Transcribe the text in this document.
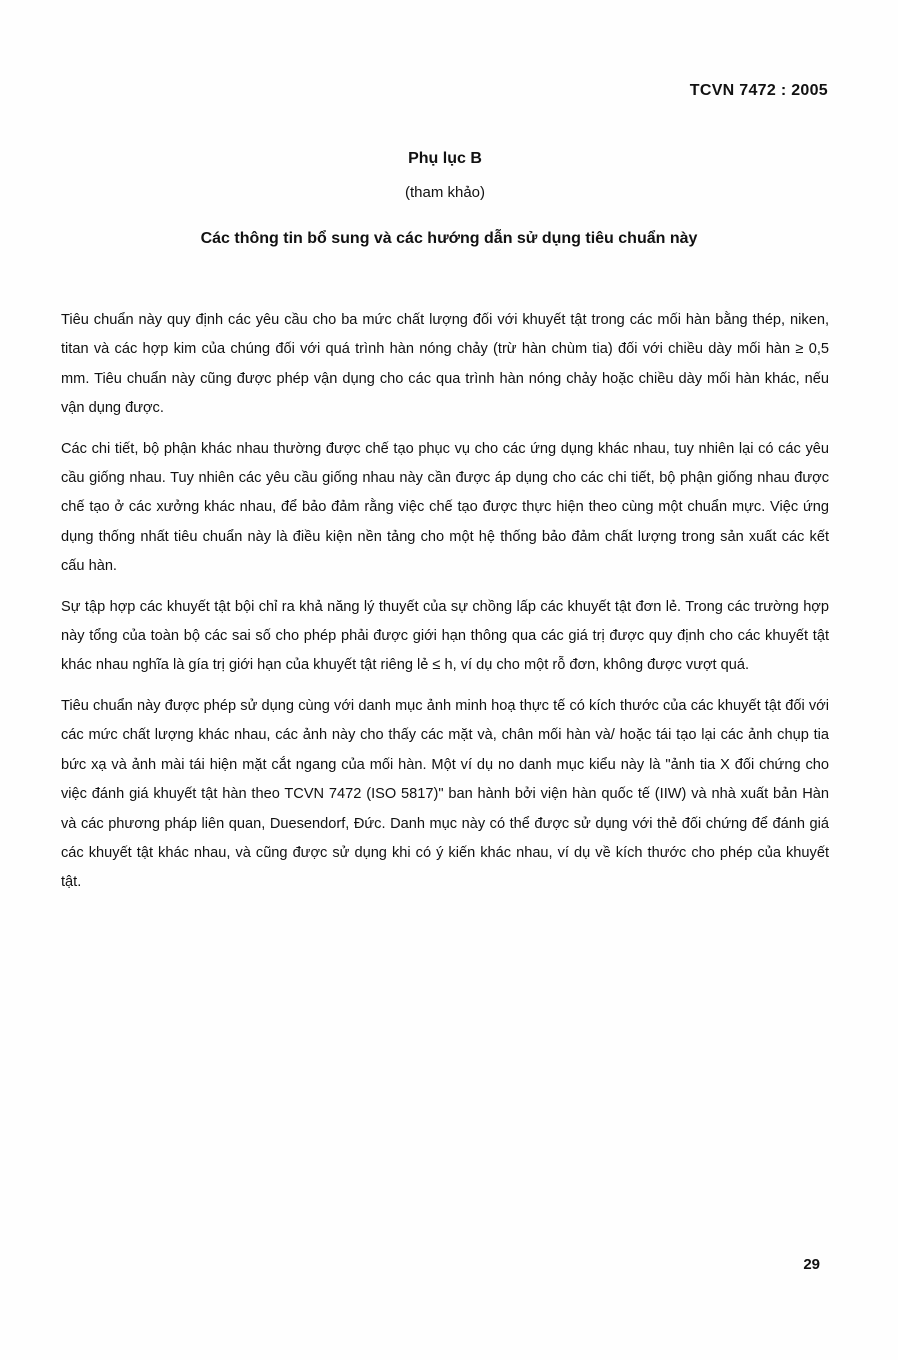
TCVN 7472 : 2005
Phụ lục B
(tham khảo)
Các thông tin bổ sung và các hướng dẫn sử dụng tiêu chuẩn này

Tiêu chuẩn này quy định các yêu cầu cho ba mức chất lượng đối với khuyết tật trong các mối hàn bằng thép, niken, titan và các hợp kim của chúng đối với quá trình hàn nóng chảy (trừ hàn chùm tia) đối với chiều dày mối hàn ≥ 0,5 mm. Tiêu chuẩn này cũng được phép vận dụng cho các qua trình hàn nóng chảy hoặc chiều dày mối hàn khác, nếu vận dụng được.

Các chi tiết, bộ phận khác nhau thường được chế tạo phục vụ cho các ứng dụng khác nhau, tuy nhiên lại có các yêu cầu giống nhau. Tuy nhiên các yêu cầu giống nhau này cần được áp dụng cho các chi tiết, bộ phận giống nhau được chế tạo ở các xưởng khác nhau, để bảo đảm rằng việc chế tạo được thực hiện theo cùng một chuẩn mực. Việc ứng dụng thống nhất tiêu chuẩn này là điều kiện nền tảng cho một hệ thống bảo đảm chất lượng trong sản xuất các kết cấu hàn.

Sự tập hợp các khuyết tật bội chỉ ra khả năng lý thuyết của sự chồng lấp các khuyết tật đơn lẻ. Trong các trường hợp này tổng của toàn bộ các sai số cho phép phải được giới hạn thông qua các giá trị được quy định cho các khuyết tật khác nhau nghĩa là gía trị giới hạn của khuyết tật riêng lẻ ≤ h, ví dụ cho một rỗ đơn, không được vượt quá.

Tiêu chuẩn này được phép sử dụng cùng với danh mục ảnh minh hoạ thực tế có kích thước của các khuyết tật đối với các mức chất lượng khác nhau, các ảnh này cho thấy các mặt và, chân mối hàn và/ hoặc tái tạo lại các ảnh chụp tia bức xạ và ảnh mài tái hiện mặt cắt ngang của mối hàn. Một ví dụ no danh mục kiểu này là "ảnh tia X đối chứng cho việc đánh giá khuyết tật hàn theo TCVN 7472 (ISO 5817)" ban hành bởi viện hàn quốc tế (IIW) và nhà xuất bản Hàn và các phương pháp liên quan, Duesendorf, Đức. Danh mục này có thể được sử dụng với thẻ đối chứng để đánh giá các khuyết tật khác nhau, và cũng được sử dụng khi có ý kiến khác nhau, ví dụ về kích thước cho phép của khuyết tật.

29
